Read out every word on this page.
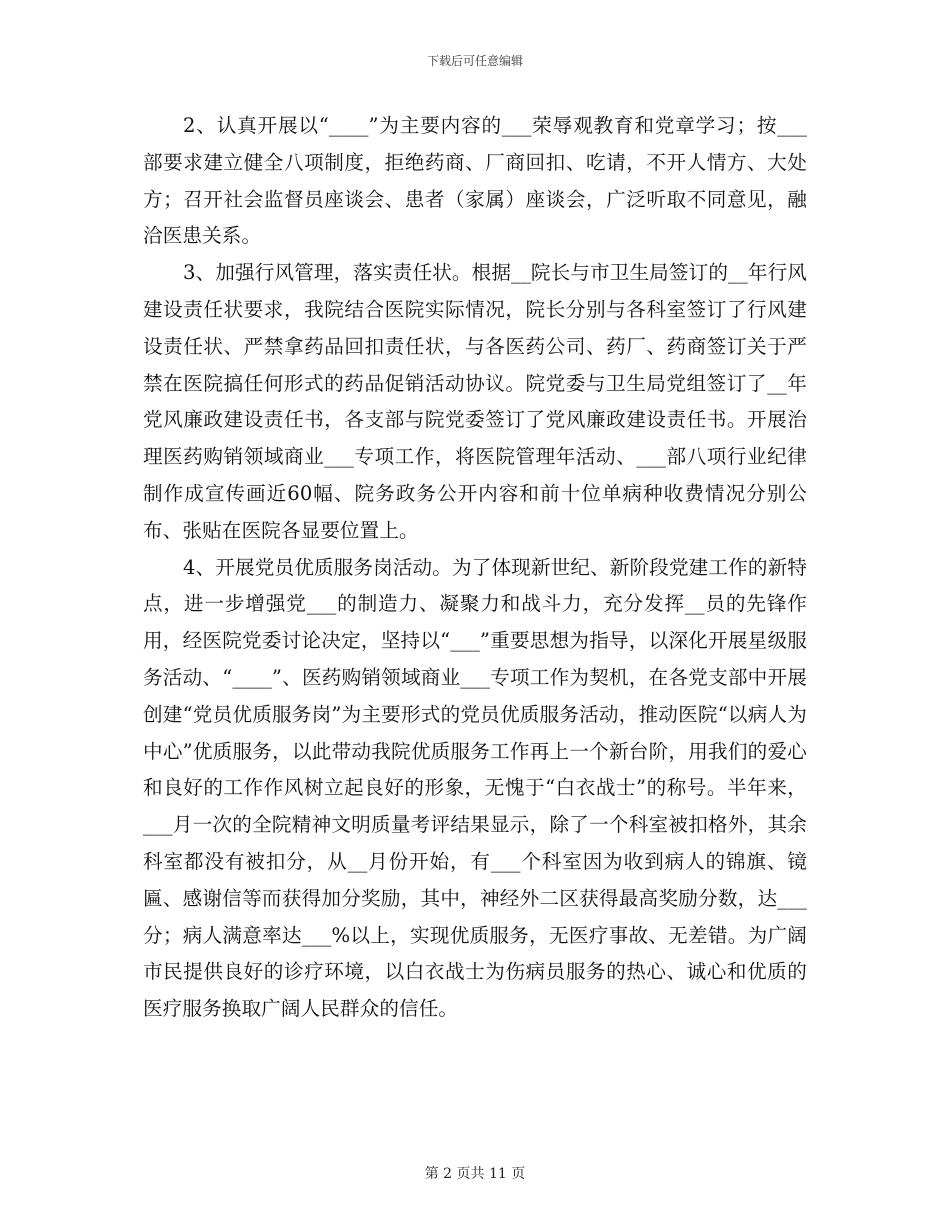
下载后可任意编辑

2、认真开展以“____”为主要内容的___荣辱观教育和党章学习；按___部要求建立健全八项制度，拒绝药商、厂商回扣、吃请，不开人情方、大处方；召开社会监督员座谈会、患者（家属）座谈会，广泛听取不同意见，融洽医患关系。

3、加强行风管理，落实责任状。根据__院长与市卫生局签订的__年行风建设责任状要求，我院结合医院实际情况，院长分别与各科室签订了行风建设责任状、严禁拿药品回扣责任状，与各医药公司、药厂、药商签订关于严禁在医院搞任何形式的药品促销活动协议。院党委与卫生局党组签订了__年党风廉政建设责任书，各支部与院党委签订了党风廉政建设责任书。开展治理医药购销领域商业___专项工作，将医院管理年活动、___部八项行业纪律制作成宣传画近60幅、院务政务公开内容和前十位单病种收费情况分别公布、张贴在医院各显要位置上。

4、开展党员优质服务岗活动。为了体现新世纪、新阶段党建工作的新特点，进一步增强党___的制造力、凝聚力和战斗力，充分发挥__员的先锋作用，经医院党委讨论决定，坚持以“___”重要思想为指导，以深化开展星级服务活动、“____”、医药购销领域商业___专项工作为契机，在各党支部中开展创建“党员优质服务岗”为主要形式的党员优质服务活动，推动医院“以病人为中心”优质服务，以此带动我院优质服务工作再上一个新台阶，用我们的爱心和良好的工作作风树立起良好的形象，无愧于“白衣战士”的称号。半年来，___月一次的全院精神文明质量考评结果显示，除了一个科室被扣格外，其余科室都没有被扣分，从__月份开始，有___个科室因为收到病人的锦旗、镜匾、感谢信等而获得加分奖励，其中，神经外二区获得最高奖励分数，达___分；病人满意率达___%以上，实现优质服务，无医疗事故、无差错。为广阔市民提供良好的诊疗环境，以白衣战士为伤病员服务的热心、诚心和优质的医疗服务换取广阔人民群众的信任。

第 2 页共 11 页
